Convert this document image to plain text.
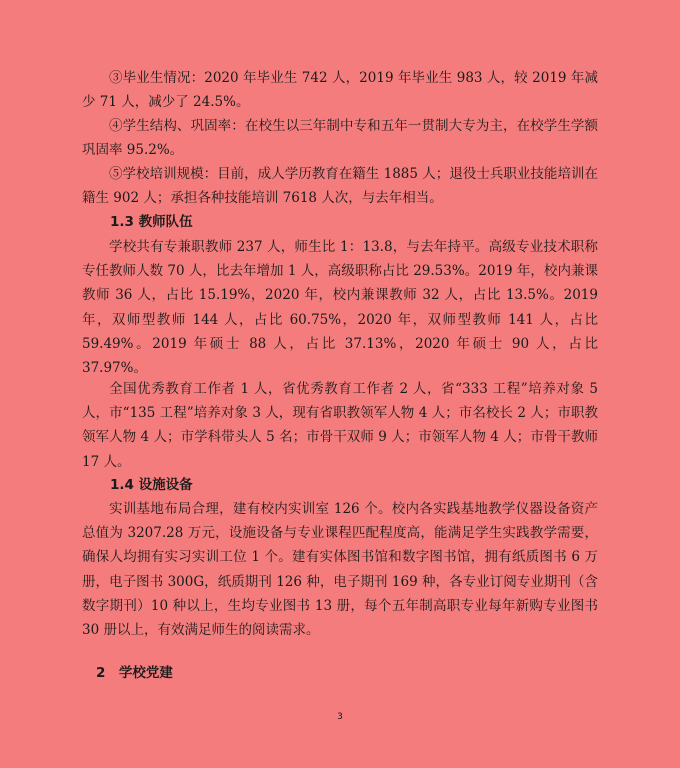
③毕业生情况：2020 年毕业生 742 人，2019 年毕业生 983 人，较 2019 年减少 71 人，减少了 24.5%。

④学生结构、巩固率：在校生以三年制中专和五年一贯制大专为主，在校学生学额巩固率 95.2%。

⑤学校培训规模：目前，成人学历教育在籍生 1885 人；退役士兵职业技能培训在籍生 902 人；承担各种技能培训 7618 人次，与去年相当。

1.3 教师队伍

学校共有专兼职教师 237 人，师生比 1：13.8，与去年持平。高级专业技术职称专任教师人数 70 人，比去年增加 1 人，高级职称占比 29.53%。2019 年，校内兼课教师 36 人，占比 15.19%，2020 年，校内兼课教师 32 人，占比 13.5%。2019 年，双师型教师 144 人，占比 60.75%，2020 年，双师型教师 141 人，占比 59.49%。2019 年硕士 88 人，占比 37.13%，2020 年硕士 90 人，占比 37.97%。

全国优秀教育工作者 1 人，省优秀教育工作者 2 人，省“333 工程”培养对象 5 人，市“135 工程”培养对象 3 人，现有省职教领军人物 4 人；市名校长 2 人；市职教领军人物 4 人；市学科带头人 5 名；市骨干双师 9 人；市领军人物 4 人；市骨干教师 17 人。

1.4 设施设备

实训基地布局合理，建有校内实训室 126 个。校内各实践基地教学仪器设备资产总值为 3207.28 万元，设施设备与专业课程匹配程度高，能满足学生实践教学需要，确保人均拥有实习实训工位 1 个。建有实体图书馆和数字图书馆，拥有纸质图书 6 万册，电子图书 300G，纸质期刊 126 种，电子期刊 169 种，各专业订阅专业期刊（含数字期刊）10 种以上，生均专业图书 13 册，每个五年制高职专业每年新购专业图书 30 册以上，有效满足师生的阅读需求。

2　学校党建

3
